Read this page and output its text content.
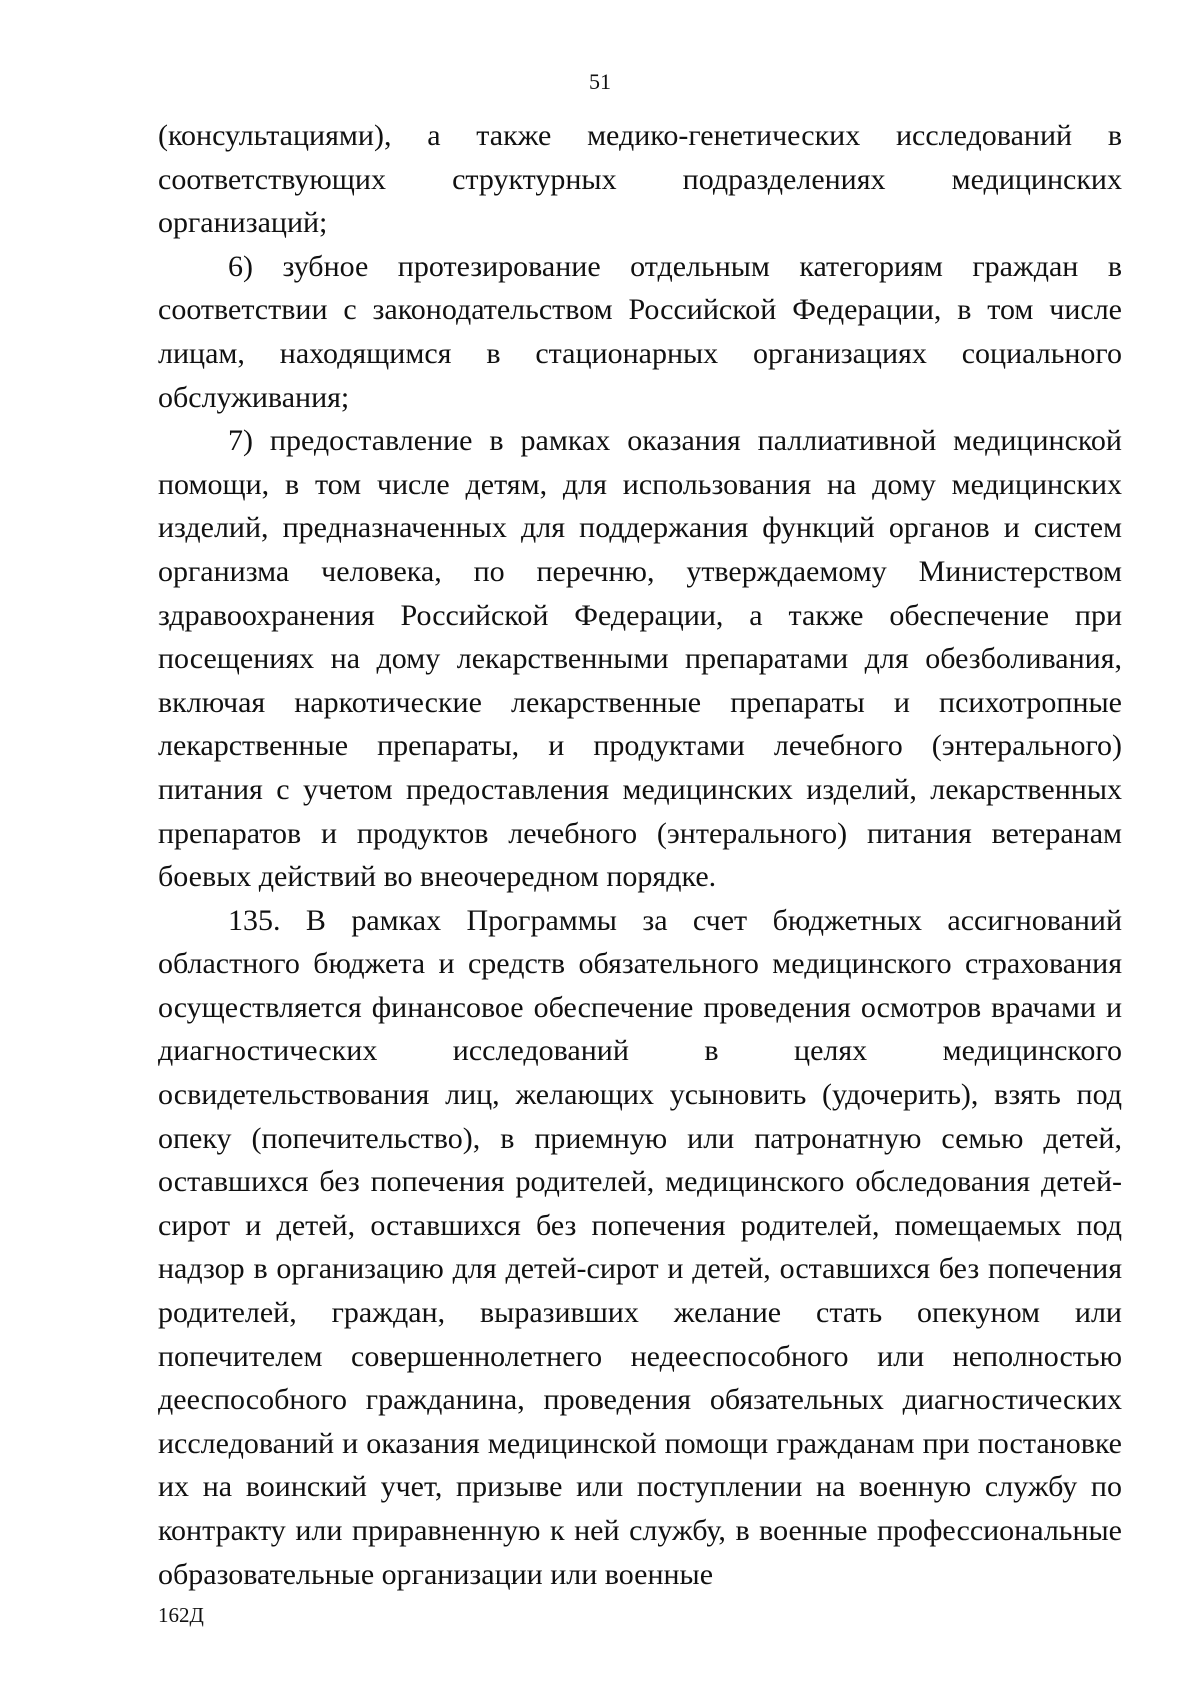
51

(консультациями), а также медико-генетических исследований в соответствующих структурных подразделениях медицинских организаций;

6) зубное протезирование отдельным категориям граждан в соответствии с законодательством Российской Федерации, в том числе лицам, находящимся в стационарных организациях социального обслуживания;

7) предоставление в рамках оказания паллиативной медицинской помощи, в том числе детям, для использования на дому медицинских изделий, предназначенных для поддержания функций органов и систем организма человека, по перечню, утверждаемому Министерством здравоохранения Российской Федерации, а также обеспечение при посещениях на дому лекарственными препаратами для обезболивания, включая наркотические лекарственные препараты и психотропные лекарственные препараты, и продуктами лечебного (энтерального) питания с учетом предоставления медицинских изделий, лекарственных препаратов и продуктов лечебного (энтерального) питания ветеранам боевых действий во внеочередном порядке.

135. В рамках Программы за счет бюджетных ассигнований областного бюджета и средств обязательного медицинского страхования осуществляется финансовое обеспечение проведения осмотров врачами и диагностических исследований в целях медицинского освидетельствования лиц, желающих усыновить (удочерить), взять под опеку (попечительство), в приемную или патронатную семью детей, оставшихся без попечения родителей, медицинского обследования детей-сирот и детей, оставшихся без попечения родителей, помещаемых под надзор в организацию для детей-сирот и детей, оставшихся без попечения родителей, граждан, выразивших желание стать опекуном или попечителем совершеннолетнего недееспособного или неполностью дееспособного гражданина, проведения обязательных диагностических исследований и оказания медицинской помощи гражданам при постановке их на воинский учет, призыве или поступлении на военную службу по контракту или приравненную к ней службу, в военные профессиональные образовательные организации или военные

162Д
